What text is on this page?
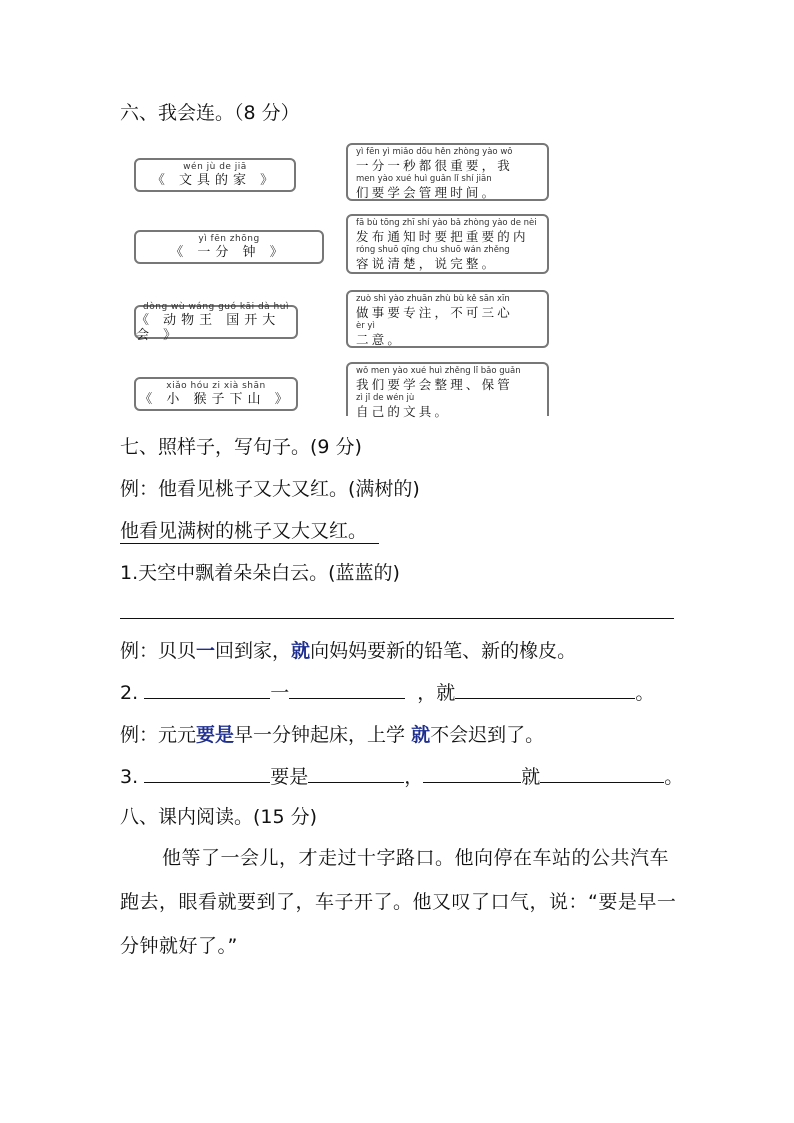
六、我会连。（8 分）
wén jù de jiā
《 文具的家 》
yì fēn zhōng
《 一分 钟 》
dòng wù wáng guó kāi dà huì
《 动物王 国开大会 》
xiǎo hóu zi xià shān
《 小 猴子下山 》
yì fēn yì miǎo dōu hěn zhòng yào wǒ
一分一秒都很重要，我
men yào xué huì guǎn lǐ shí jiān
们要学会管理时间。
fā bù tōng zhī shí yào bǎ zhòng yào de nèi
发布通知时要把重要的内
róng shuō qīng chu shuō wán zhěng
容说清楚，说完整。
zuò shì yào zhuān zhù bù kě sān xīn
做事要专注，不可三心
èr yì
二意。
wǒ men yào xué huì zhěng lǐ bǎo guǎn
我们要学会整理、保管
zì jǐ de wén jù
自己的文具。
七、照样子，写句子。(9 分)
例：他看见桃子又大又红。(满树的)
他看见满树的桃子又大又红。
1.天空中飘着朵朵白云。(蓝蓝的)
例：贝贝一回到家，就向妈妈要新的铅笔、新的橡皮。
2.	一	，就	。
例：元元要是早一分钟起床，上学 就不会迟到了。
3.	要是	，	就	。
八、课内阅读。(15 分)
他等了一会儿，才走过十字路口。他向停在车站的公共汽车跑去，眼看就要到了，车子开了。他又叹了口气，说：“要是早一分钟就好了。”
